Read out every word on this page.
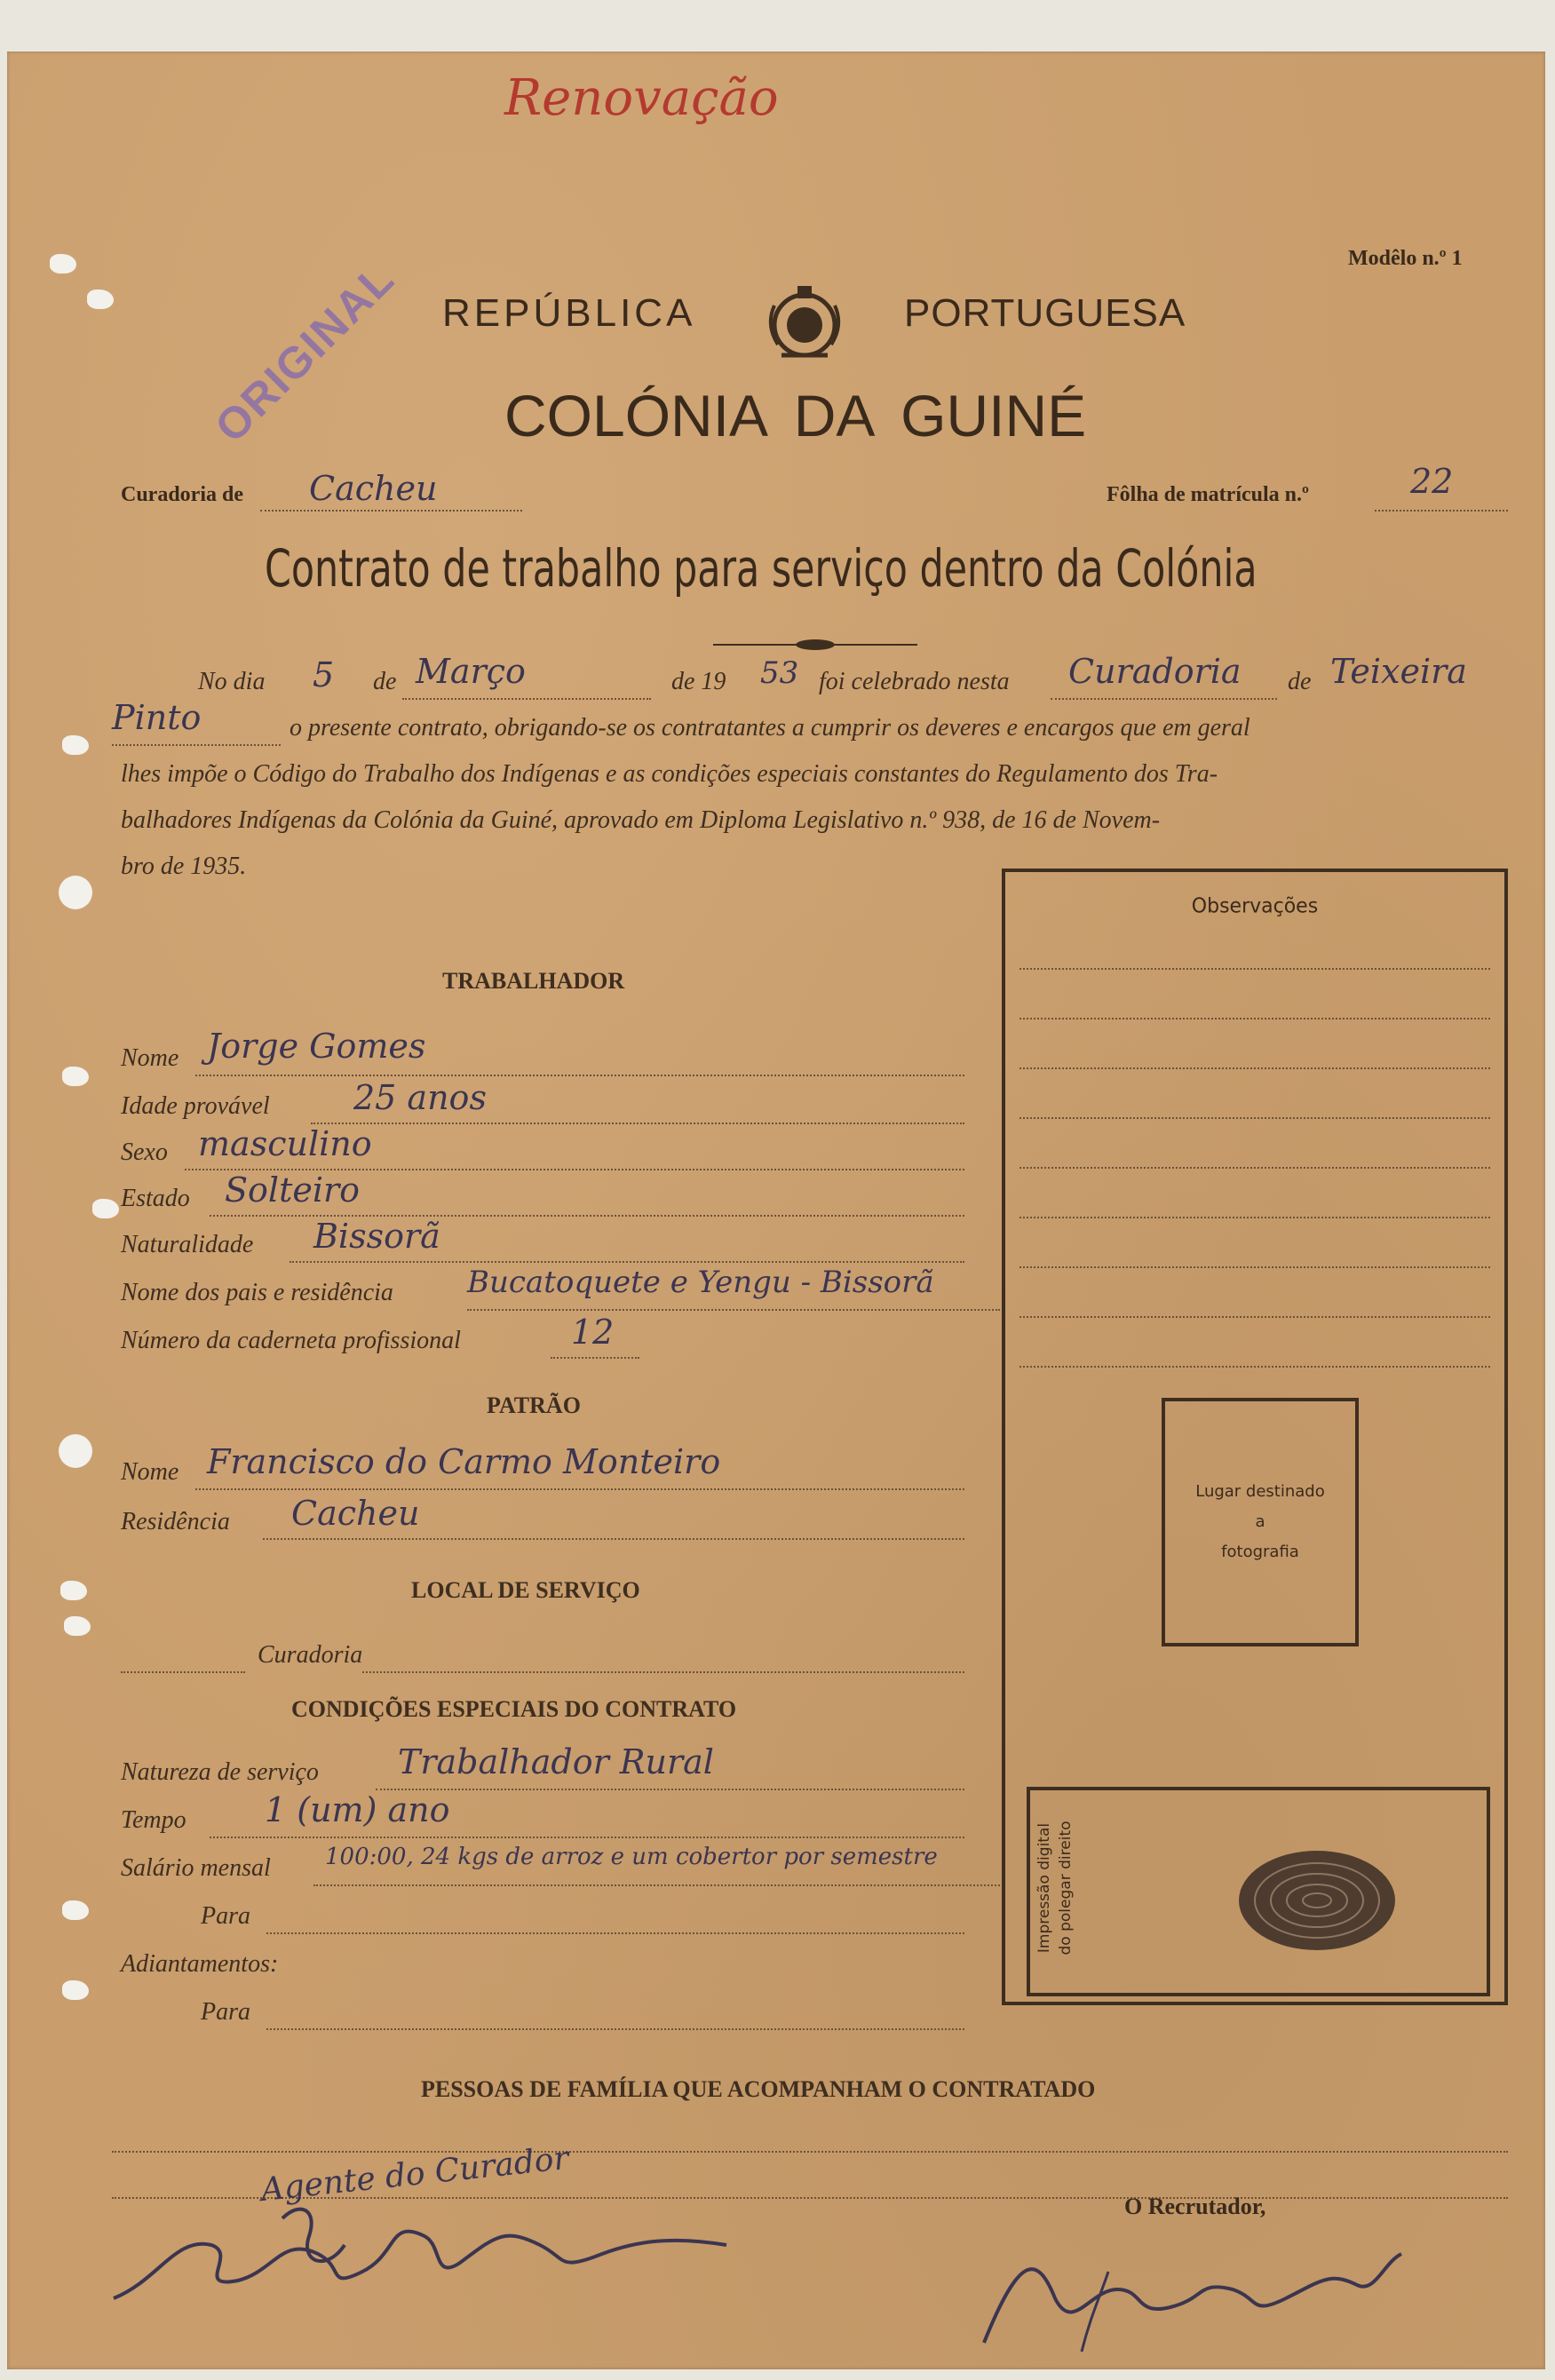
Renovação
ORIGINAL	Modêlo n.º 1
REPÚBLICA	PORTUGUESA
COLÓNIA DA GUINÉ
Curadoria de Cacheu	Fôlha de matrícula n.º	22
Contrato de trabalho para serviço dentro da Colónia
No dia 5 de Março	de 19 53 foi celebrado nesta Curadoria de Teixeira
Pinto	o presente contrato, obrigando-se os contratantes a cumprir os deveres e encargos que em geral
lhes impõe o Código do Trabalho dos Indígenas e as condições especiais constantes do Regulamento dos Tra-
balhadores Indígenas da Colónia da Guiné, aprovado em Diploma Legislativo n.º 938, de 16 de Novem-
bro de 1935.
Observações
Lugar destinado
a
fotografia
Impressão digital do polegar direito
TRABALHADOR
Nome Jorge Gomes
Idade provável 25 anos
Sexo masculino
Estado Solteiro
Naturalidade Bissorã
Nome dos pais e residência Bucatoquete e Yengu - Bissorã
Número da caderneta profissional	12
PATRÃO
Nome Francisco do Carmo Monteiro
Residência Cacheu
LOCAL DE SERVIÇO
Curadoria
CONDIÇÕES ESPECIAIS DO CONTRATO
Natureza de serviço Trabalhador Rural
Tempo 1 (um) ano
Salário mensal 100:00, 24 kgs de arroz e um cobertor por semestre
Para
Adiantamentos:
Para
PESSOAS DE FAMÍLIA QUE ACOMPANHAM O CONTRATADO
Agente do Curador	O Recrutador,
